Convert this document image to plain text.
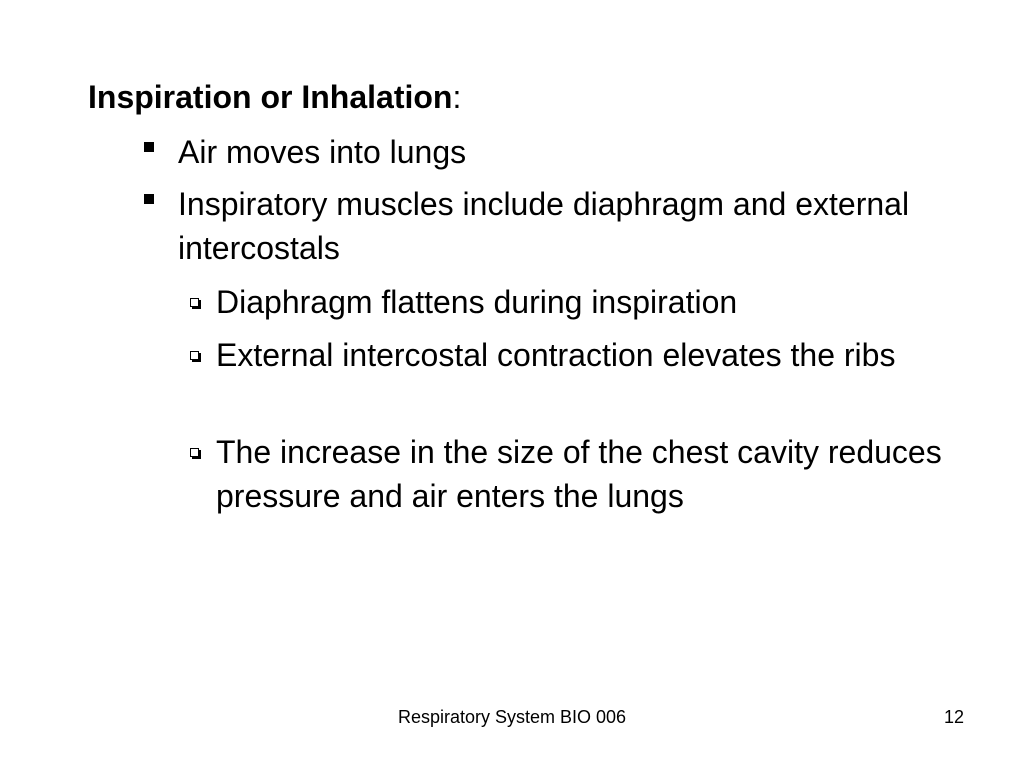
Inspiration or Inhalation:
Air moves into lungs
Inspiratory muscles include diaphragm and external intercostals
Diaphragm flattens during inspiration
External intercostal contraction elevates the ribs
The increase in the size of the chest cavity reduces pressure and air enters the lungs
Respiratory System BIO 006	12
